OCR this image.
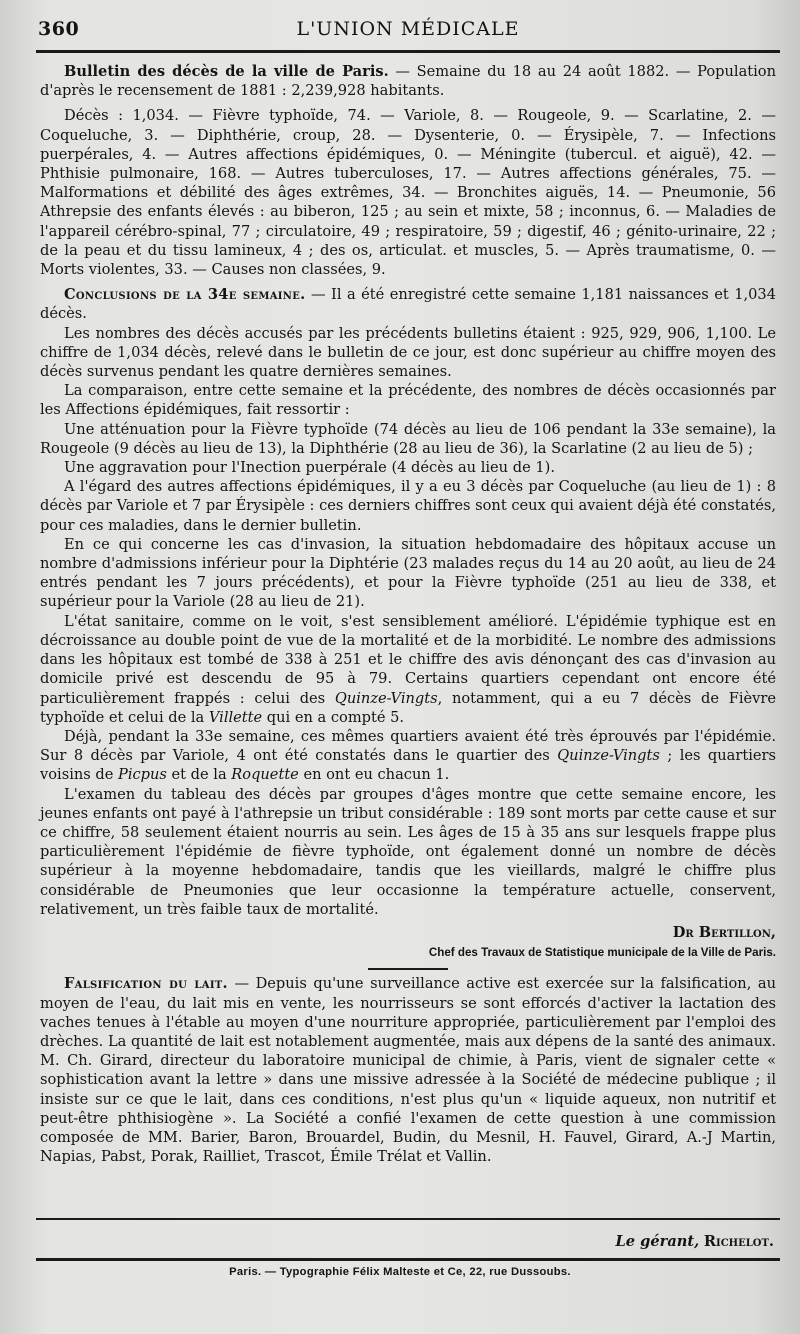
360	L'UNION MÉDICALE

Bulletin des décès de la ville de Paris. — Semaine du 18 au 24 août 1882. — Population d'après le recensement de 1881 : 2,239,928 habitants.

Décès : 1,034. — Fièvre typhoïde, 74. — Variole, 8. — Rougeole, 9. — Scarlatine, 2. — Coqueluche, 3. — Diphthérie, croup, 28. — Dysenterie, 0. — Érysipèle, 7. — Infections puerpérales, 4. — Autres affections épidémiques, 0. — Méningite (tubercul. et aiguë), 42. — Phthisie pulmonaire, 168. — Autres tuberculoses, 17. — Autres affections générales, 75. — Malformations et débilité des âges extrêmes, 34. — Bronchites aiguës, 14. — Pneumonie, 56 Athrepsie des enfants élevés : au biberon, 125 ; au sein et mixte, 58 ; inconnus, 6. — Maladies de l'appareil cérébro-spinal, 77 ; circulatoire, 49 ; respiratoire, 59 ; digestif, 46 ; génito-urinaire, 22 ; de la peau et du tissu lamineux, 4 ; des os, articulat. et muscles, 5. — Après traumatisme, 0. — Morts violentes, 33. — Causes non classées, 9.

Conclusions de la 34e semaine. — Il a été enregistré cette semaine 1,181 naissances et 1,034 décès.

Les nombres des décès accusés par les précédents bulletins étaient : 925, 929, 906, 1,100. Le chiffre de 1,034 décès, relevé dans le bulletin de ce jour, est donc supérieur au chiffre moyen des décès survenus pendant les quatre dernières semaines.

La comparaison, entre cette semaine et la précédente, des nombres de décès occasionnés par les Affections épidémiques, fait ressortir :

Une atténuation pour la Fièvre typhoïde (74 décès au lieu de 106 pendant la 33e semaine), la Rougeole (9 décès au lieu de 13), la Diphthérie (28 au lieu de 36), la Scarlatine (2 au lieu de 5) ;

Une aggravation pour l'Inection puerpérale (4 décès au lieu de 1).

A l'égard des autres affections épidémiques, il y a eu 3 décès par Coqueluche (au lieu de 1) : 8 décès par Variole et 7 par Érysipèle : ces derniers chiffres sont ceux qui avaient déjà été constatés, pour ces maladies, dans le dernier bulletin.

En ce qui concerne les cas d'invasion, la situation hebdomadaire des hôpitaux accuse un nombre d'admissions inférieur pour la Diphtérie (23 malades reçus du 14 au 20 août, au lieu de 24 entrés pendant les 7 jours précédents), et pour la Fièvre typhoïde (251 au lieu de 338, et supérieur pour la Variole (28 au lieu de 21).

L'état sanitaire, comme on le voit, s'est sensiblement amélioré. L'épidémie typhique est en décroissance au double point de vue de la mortalité et de la morbidité. Le nombre des admissions dans les hôpitaux est tombé de 338 à 251 et le chiffre des avis dénonçant des cas d'invasion au domicile privé est descendu de 95 à 79. Certains quartiers cependant ont encore été particulièrement frappés : celui des Quinze-Vingts, notamment, qui a eu 7 décès de Fièvre typhoïde et celui de la Villette qui en a compté 5.

Déjà, pendant la 33e semaine, ces mêmes quartiers avaient été très éprouvés par l'épidémie. Sur 8 décès par Variole, 4 ont été constatés dans le quartier des Quinze-Vingts ; les quartiers voisins de Picpus et de la Roquette en ont eu chacun 1.

L'examen du tableau des décès par groupes d'âges montre que cette semaine encore, les jeunes enfants ont payé à l'athrepsie un tribut considérable : 189 sont morts par cette cause et sur ce chiffre, 58 seulement étaient nourris au sein. Les âges de 15 à 35 ans sur lesquels frappe plus particulièrement l'épidémie de fièvre typhoïde, ont également donné un nombre de décès supérieur à la moyenne hebdomadaire, tandis que les vieillards, malgré le chiffre plus considérable de Pneumonies que leur occasionne la température actuelle, conservent, relativement, un très faible taux de mortalité.

Dr Bertillon,
Chef des Travaux de Statistique municipale de la Ville de Paris.

Falsification du lait. — Depuis qu'une surveillance active est exercée sur la falsification, au moyen de l'eau, du lait mis en vente, les nourrisseurs se sont efforcés d'activer la lactation des vaches tenues à l'étable au moyen d'une nourriture appropriée, particulièrement par l'emploi des drèches. La quantité de lait est notablement augmentée, mais aux dépens de la santé des animaux. M. Ch. Girard, directeur du laboratoire municipal de chimie, à Paris, vient de signaler cette « sophistication avant la lettre » dans une missive adressée à la Société de médecine publique ; il insiste sur ce que le lait, dans ces conditions, n'est plus qu'un « liquide aqueux, non nutritif et peut-être phthisiogène ». La Société a confié l'examen de cette question à une commission composée de MM. Barier, Baron, Brouardel, Budin, du Mesnil, H. Fauvel, Girard, A.-J Martin, Napias, Pabst, Porak, Railliet, Trascot, Émile Trélat et Vallin.

Le gérant, Richelot.
Paris. — Typographie Félix Malteste et Ce, 22, rue Dussoubs.
